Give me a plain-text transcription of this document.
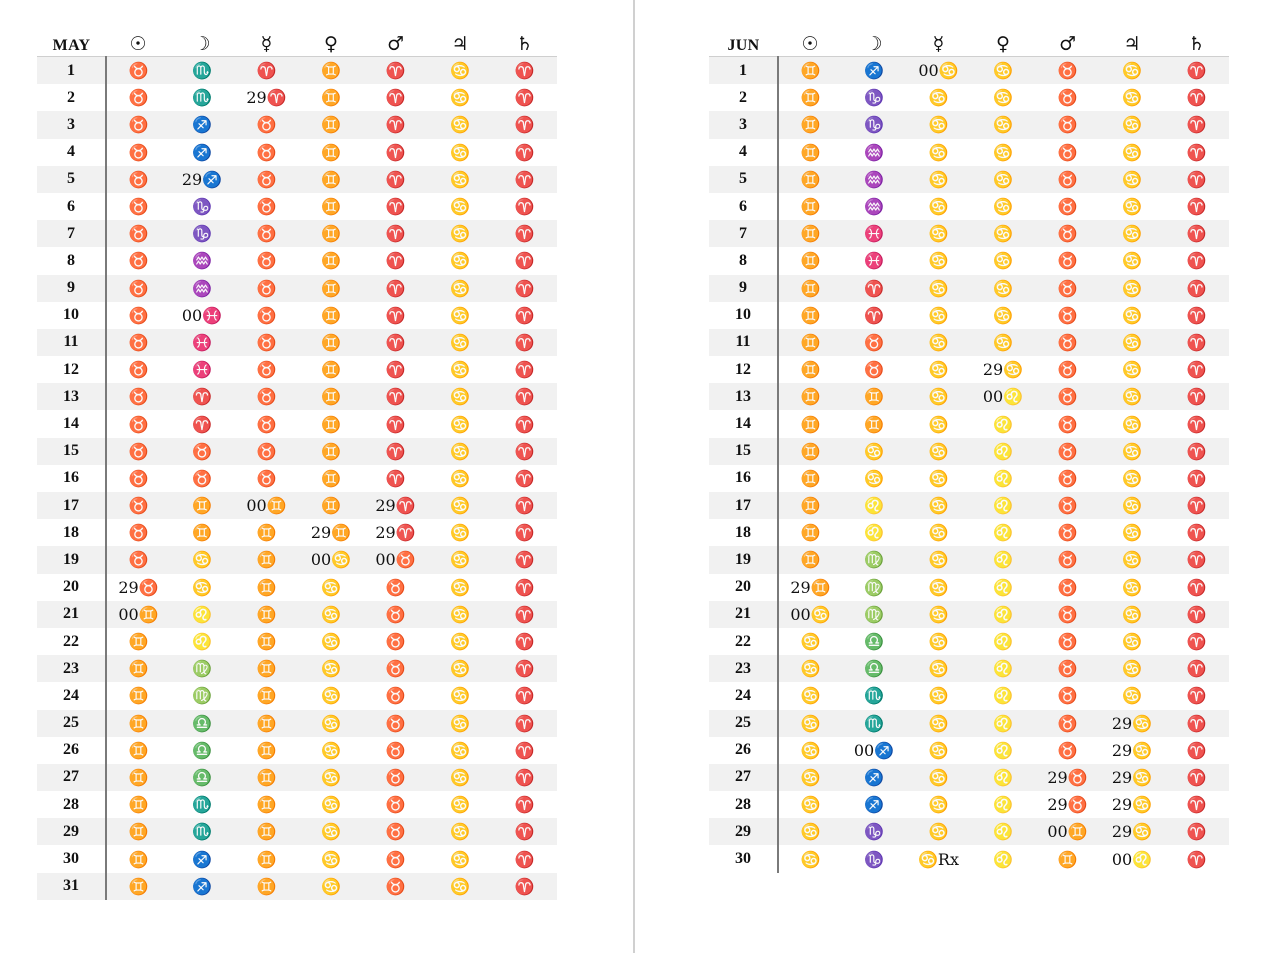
MAY	☉	☽	☿	♀	♂	♃	♄
1	♉	♏	♈	♊	♈	♋	♈
2	♉	♏	29♈	♊	♈	♋	♈
3	♉	♐	♉	♊	♈	♋	♈
4	♉	♐	♉	♊	♈	♋	♈
5	♉	29♐	♉	♊	♈	♋	♈
6	♉	♑	♉	♊	♈	♋	♈
7	♉	♑	♉	♊	♈	♋	♈
8	♉	♒	♉	♊	♈	♋	♈
9	♉	♒	♉	♊	♈	♋	♈
10	♉	00♓	♉	♊	♈	♋	♈
11	♉	♓	♉	♊	♈	♋	♈
12	♉	♓	♉	♊	♈	♋	♈
13	♉	♈	♉	♊	♈	♋	♈
14	♉	♈	♉	♊	♈	♋	♈
15	♉	♉	♉	♊	♈	♋	♈
16	♉	♉	♉	♊	♈	♋	♈
17	♉	♊	00♊	♊	29♈	♋	♈
18	♉	♊	♊	29♊	29♈	♋	♈
19	♉	♋	♊	00♋	00♉	♋	♈
20	29♉	♋	♊	♋	♉	♋	♈
21	00♊	♌	♊	♋	♉	♋	♈
22	♊	♌	♊	♋	♉	♋	♈
23	♊	♍	♊	♋	♉	♋	♈
24	♊	♍	♊	♋	♉	♋	♈
25	♊	♎	♊	♋	♉	♋	♈
26	♊	♎	♊	♋	♉	♋	♈
27	♊	♎	♊	♋	♉	♋	♈
28	♊	♏	♊	♋	♉	♋	♈
29	♊	♏	♊	♋	♉	♋	♈
30	♊	♐	♊	♋	♉	♋	♈
31	♊	♐	♊	♋	♉	♋	♈
JUN	☉	☽	☿	♀	♂	♃	♄
1	♊	♐	00♋	♋	♉	♋	♈
2	♊	♑	♋	♋	♉	♋	♈
3	♊	♑	♋	♋	♉	♋	♈
4	♊	♒	♋	♋	♉	♋	♈
5	♊	♒	♋	♋	♉	♋	♈
6	♊	♒	♋	♋	♉	♋	♈
7	♊	♓	♋	♋	♉	♋	♈
8	♊	♓	♋	♋	♉	♋	♈
9	♊	♈	♋	♋	♉	♋	♈
10	♊	♈	♋	♋	♉	♋	♈
11	♊	♉	♋	♋	♉	♋	♈
12	♊	♉	♋	29♋	♉	♋	♈
13	♊	♊	♋	00♌	♉	♋	♈
14	♊	♊	♋	♌	♉	♋	♈
15	♊	♋	♋	♌	♉	♋	♈
16	♊	♋	♋	♌	♉	♋	♈
17	♊	♌	♋	♌	♉	♋	♈
18	♊	♌	♋	♌	♉	♋	♈
19	♊	♍	♋	♌	♉	♋	♈
20	29♊	♍	♋	♌	♉	♋	♈
21	00♋	♍	♋	♌	♉	♋	♈
22	♋	♎	♋	♌	♉	♋	♈
23	♋	♎	♋	♌	♉	♋	♈
24	♋	♏	♋	♌	♉	♋	♈
25	♋	♏	♋	♌	♉	29♋	♈
26	♋	00♐	♋	♌	♉	29♋	♈
27	♋	♐	♋	♌	29♉	29♋	♈
28	♋	♐	♋	♌	29♉	29♋	♈
29	♋	♑	♋	♌	00♊	29♋	♈
30	♋	♑	♋Rx	♌	♊	00♌	♈
